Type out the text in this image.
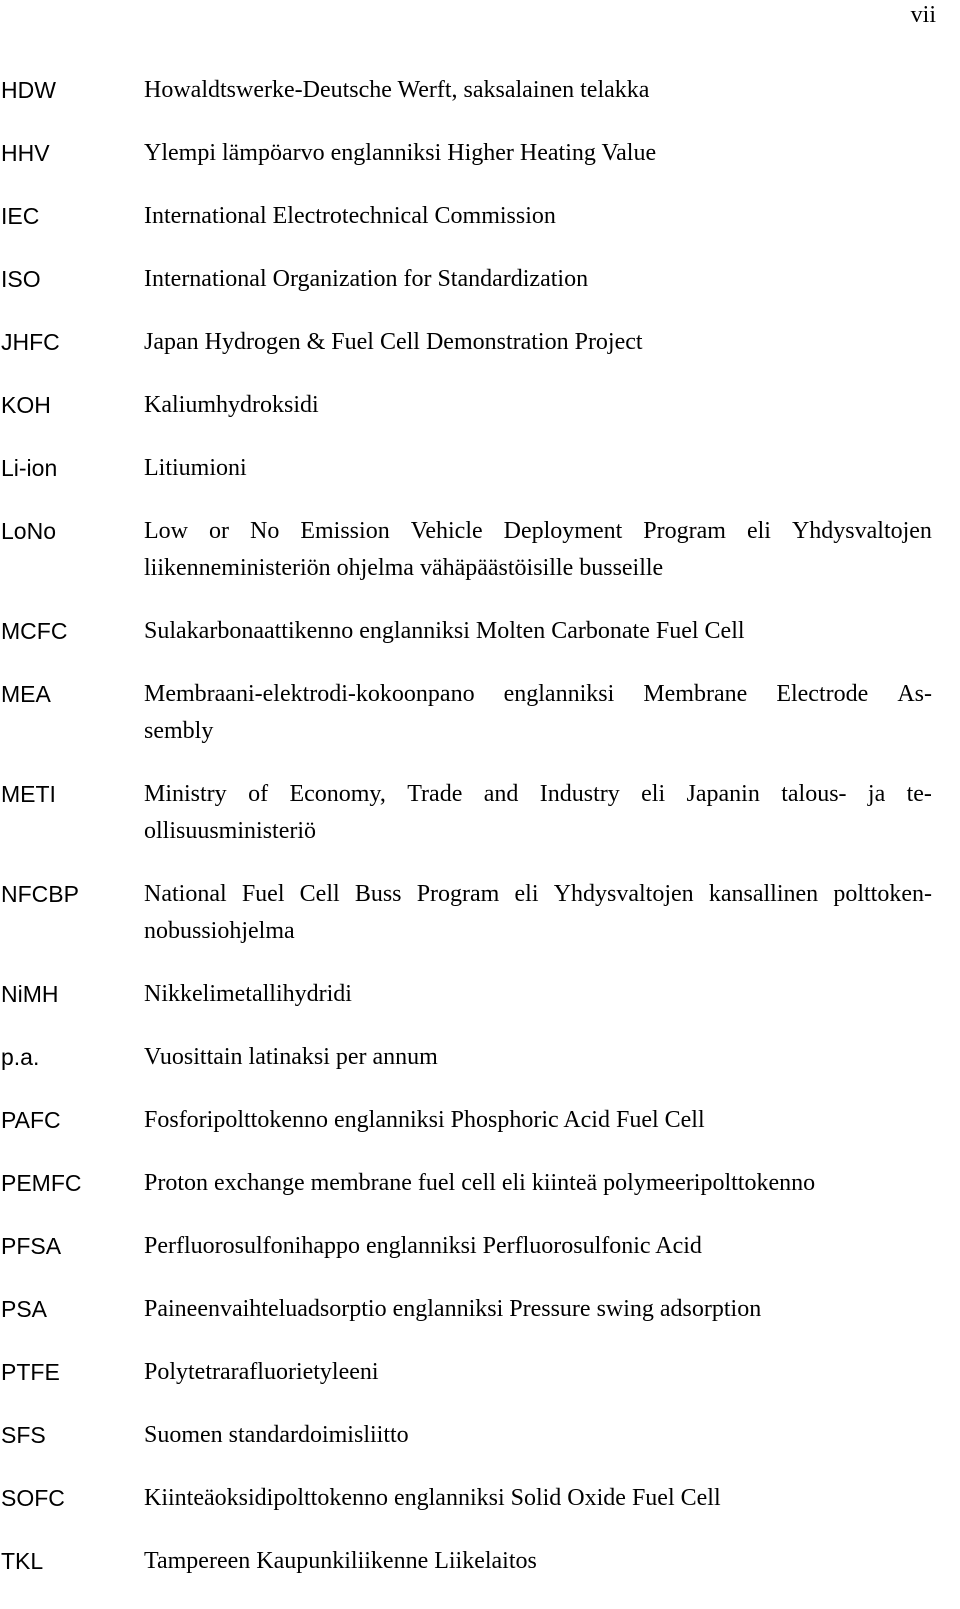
vii
HDW	Howaldtswerke-Deutsche Werft, saksalainen telakka
HHV	Ylempi lämpöarvo englanniksi Higher Heating Value
IEC	International Electrotechnical Commission
ISO	International Organization for Standardization
JHFC	Japan Hydrogen & Fuel Cell Demonstration Project
KOH	Kaliumhydroksidi
Li-ion	Litiumioni
LoNo	Low or No Emission Vehicle Deployment Program eli Yhdysvaltojen
liikenneministeriön ohjelma vähäpäästöisille busseille
MCFC	Sulakarbonaattikenno englanniksi Molten Carbonate Fuel Cell
MEA	Membraani-elektrodi-kokoonpano englanniksi Membrane Electrode As-
sembly
METI	Ministry of Economy, Trade and Industry eli Japanin talous- ja te-
ollisuusministeriö
NFCBP	National Fuel Cell Buss Program eli Yhdysvaltojen kansallinen polttoken-
nobussiohjelma
NiMH	Nikkelimetallihydridi
p.a.	Vuosittain latinaksi per annum
PAFC	Fosforipolttokenno englanniksi Phosphoric Acid Fuel Cell
PEMFC	Proton exchange membrane fuel cell eli kiinteä polymeeripolttokenno
PFSA	Perfluorosulfonihappo englanniksi Perfluorosulfonic Acid
PSA	Paineenvaihteluadsorptio englanniksi Pressure swing adsorption
PTFE	Polytetrarafluorietyleeni
SFS	Suomen standardoimisliitto
SOFC	Kiinteäoksidipolttokenno englanniksi Solid Oxide Fuel Cell
TKL	Tampereen Kaupunkiliikenne Liikelaitos
